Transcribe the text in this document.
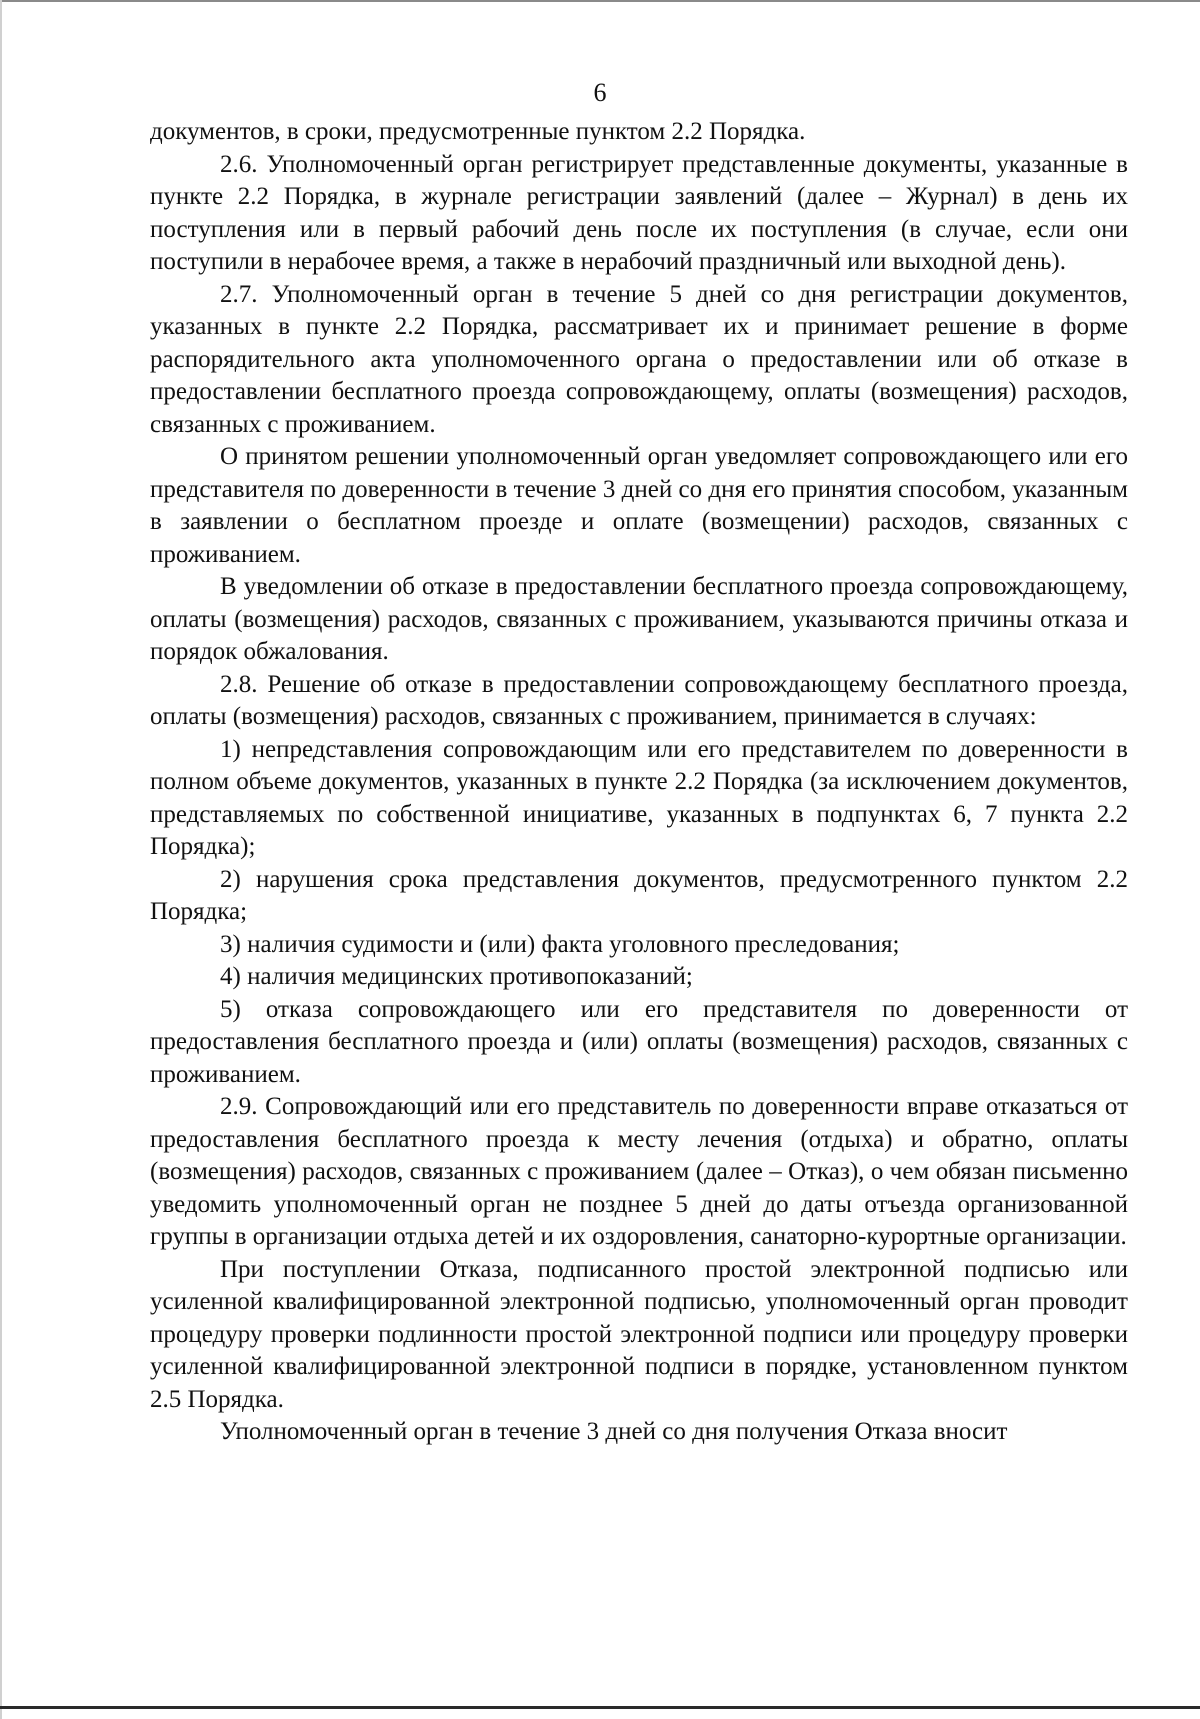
6

документов, в сроки, предусмотренные пунктом 2.2 Порядка.

2.6. Уполномоченный орган регистрирует представленные документы, указанные в пункте 2.2 Порядка, в журнале регистрации заявлений (далее – Журнал) в день их поступления или в первый рабочий день после их поступления (в случае, если они поступили в нерабочее время, а также в нерабочий праздничный или выходной день).

2.7. Уполномоченный орган в течение 5 дней со дня регистрации документов, указанных в пункте 2.2 Порядка, рассматривает их и принимает решение в форме распорядительного акта уполномоченного органа о предоставлении или об отказе в предоставлении бесплатного проезда сопровождающему, оплаты (возмещения) расходов, связанных с проживанием.

О принятом решении уполномоченный орган уведомляет сопровождающего или его представителя по доверенности в течение 3 дней со дня его принятия способом, указанным в заявлении о бесплатном проезде и оплате (возмещении) расходов, связанных с проживанием.

В уведомлении об отказе в предоставлении бесплатного проезда сопровождающему, оплаты (возмещения) расходов, связанных с проживанием, указываются причины отказа и порядок обжалования.

2.8. Решение об отказе в предоставлении сопровождающему бесплатного проезда, оплаты (возмещения) расходов, связанных с проживанием, принимается в случаях:

1) непредставления сопровождающим или его представителем по доверенности в полном объеме документов, указанных в пункте 2.2 Порядка (за исключением документов, представляемых по собственной инициативе, указанных в подпунктах 6, 7 пункта 2.2 Порядка);

2) нарушения срока представления документов, предусмотренного пунктом 2.2 Порядка;

3) наличия судимости и (или) факта уголовного преследования;

4) наличия медицинских противопоказаний;

5) отказа сопровождающего или его представителя по доверенности от предоставления бесплатного проезда и (или) оплаты (возмещения) расходов, связанных с проживанием.

2.9. Сопровождающий или его представитель по доверенности вправе отказаться от предоставления бесплатного проезда к месту лечения (отдыха) и обратно, оплаты (возмещения) расходов, связанных с проживанием (далее – Отказ), о чем обязан письменно уведомить уполномоченный орган не позднее 5 дней до даты отъезда организованной группы в организации отдыха детей и их оздоровления, санаторно-курортные организации.

При поступлении Отказа, подписанного простой электронной подписью или усиленной квалифицированной электронной подписью, уполномоченный орган проводит процедуру проверки подлинности простой электронной подписи или процедуру проверки усиленной квалифицированной электронной подписи в порядке, установленном пунктом 2.5 Порядка.

Уполномоченный орган в течение 3 дней со дня получения Отказа вносит
